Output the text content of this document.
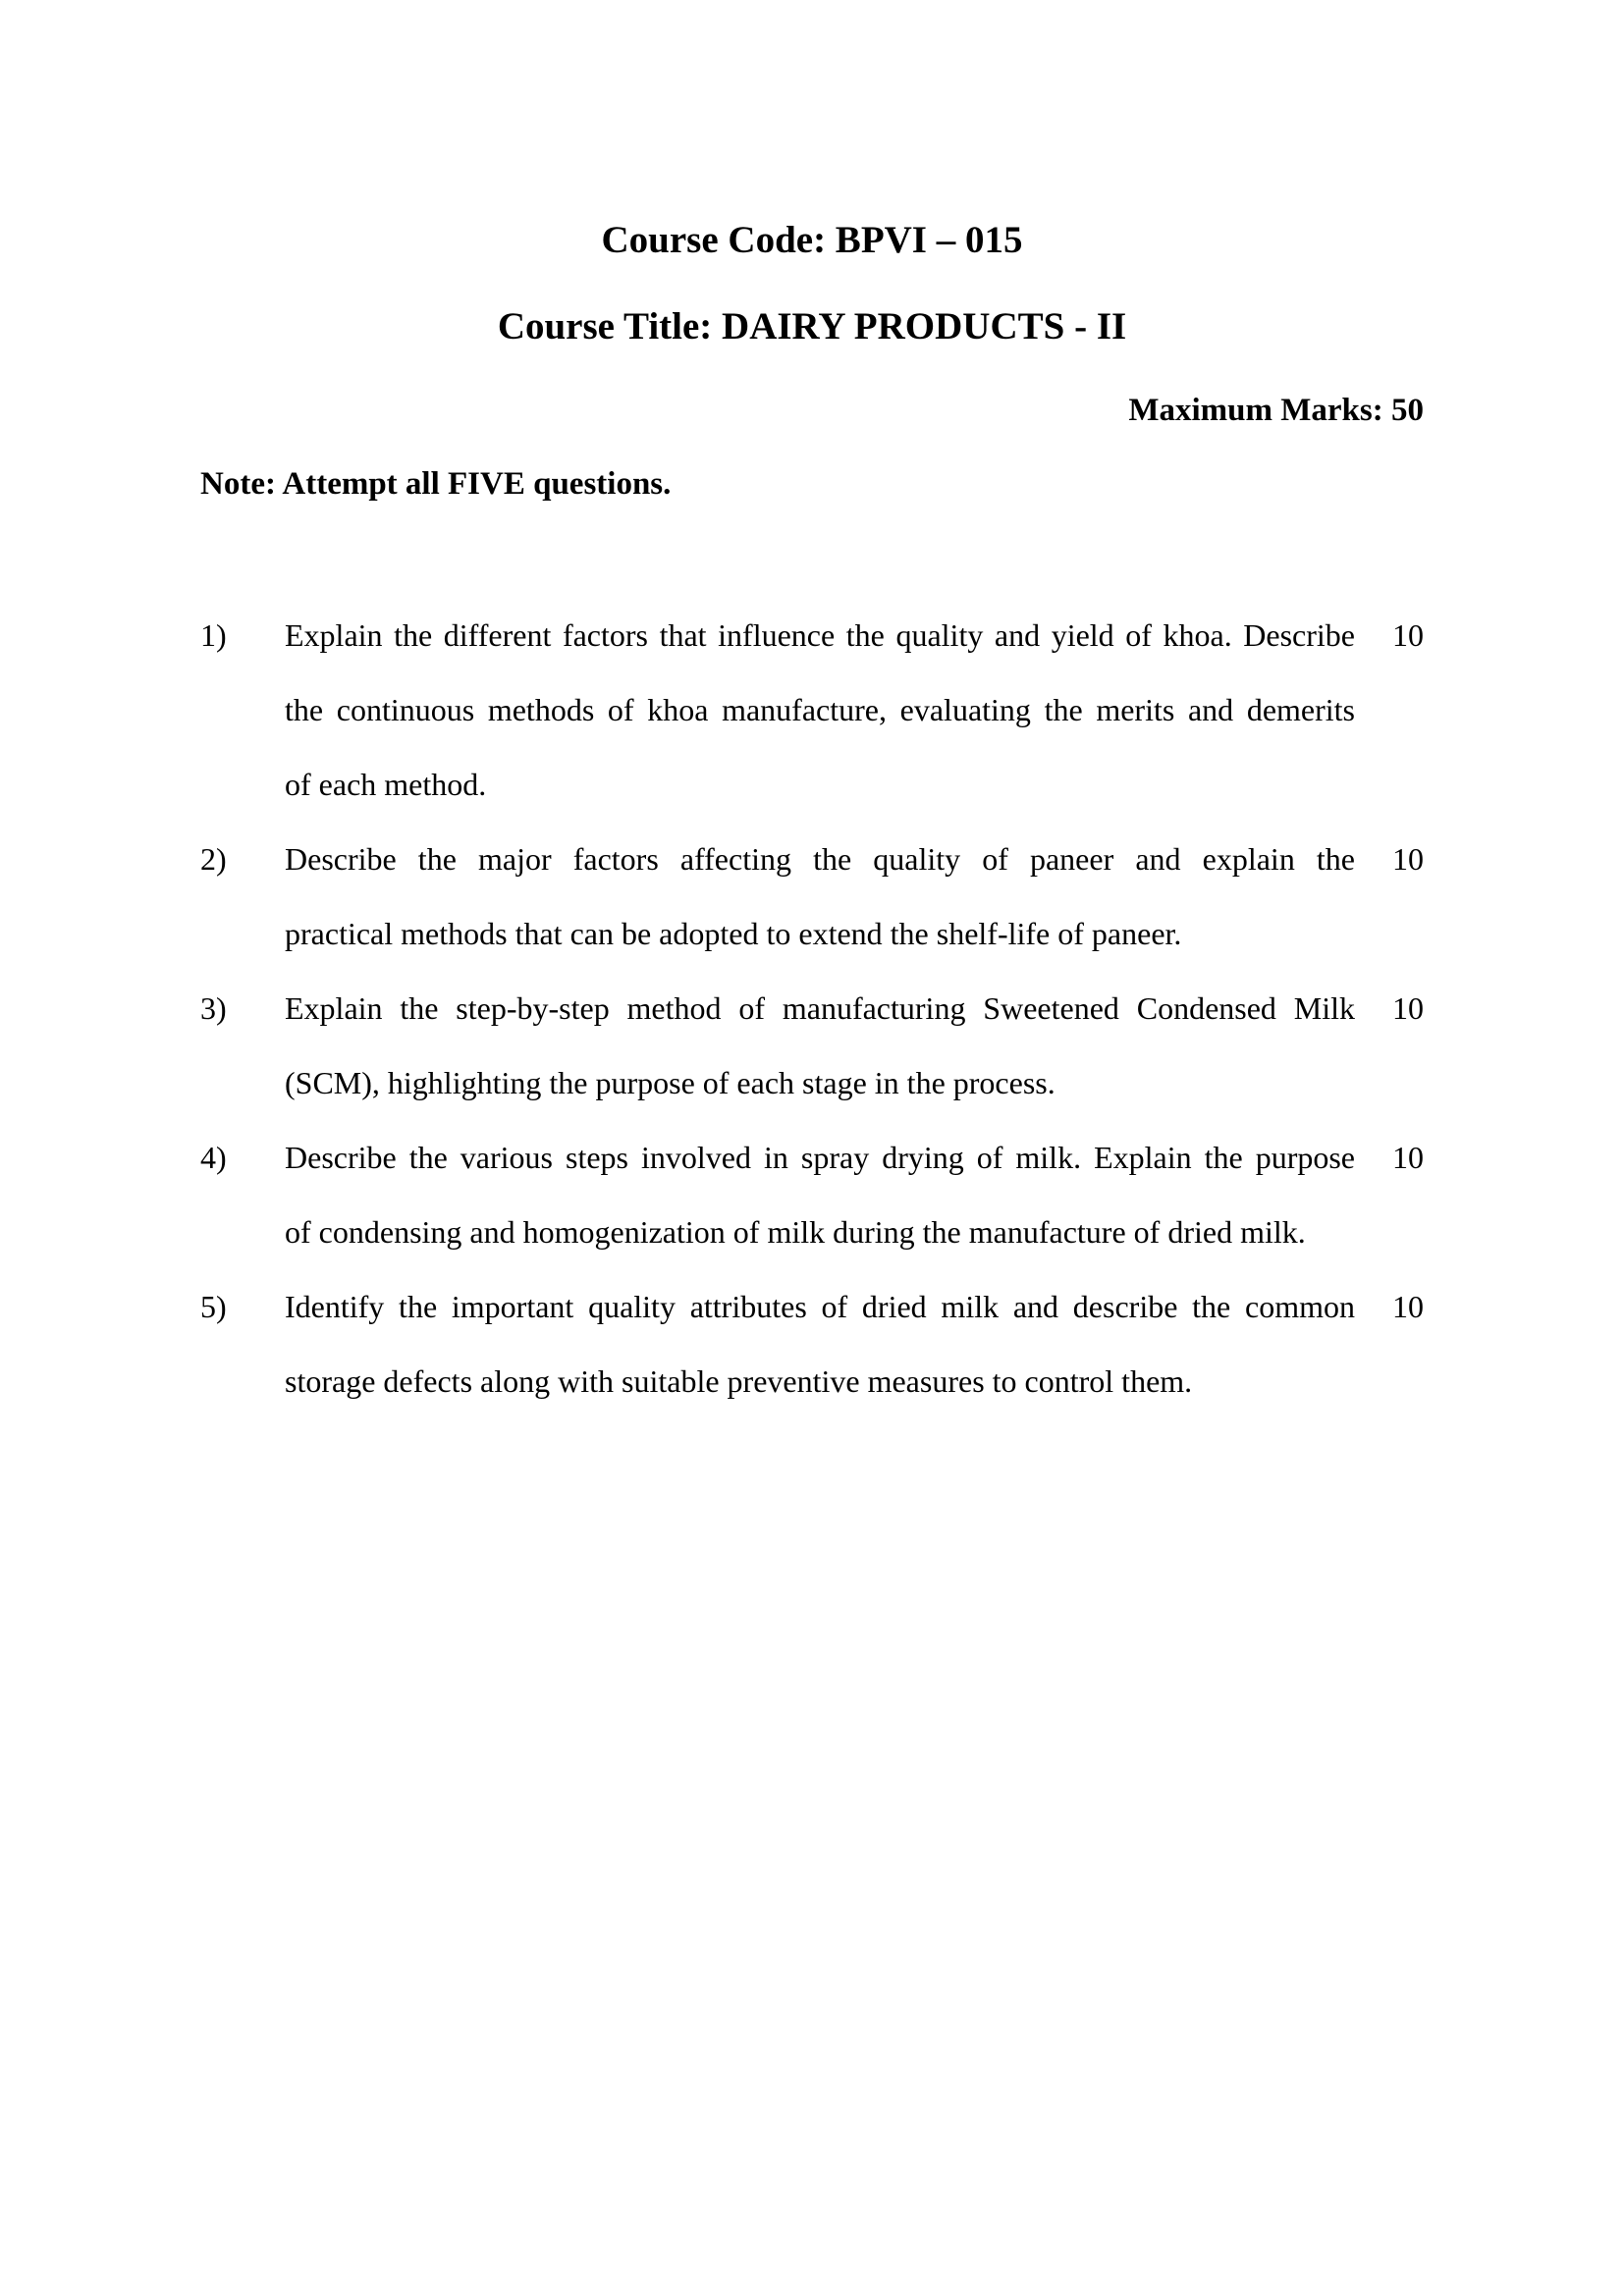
Course Code: BPVI – 015
Course Title: DAIRY PRODUCTS - II
Maximum Marks: 50
Note: Attempt all FIVE questions.
1)	Explain the different factors that influence the quality and yield of khoa. Describe
the continuous methods of khoa manufacture, evaluating the merits and demerits
of each method.
10
2)	Describe the major factors affecting the quality of paneer and explain the
practical methods that can be adopted to extend the shelf-life of paneer.
10
3)	Explain the step-by-step method of manufacturing Sweetened Condensed Milk
(SCM), highlighting the purpose of each stage in the process.
10
4)	Describe the various steps involved in spray drying of milk. Explain the purpose
of condensing and homogenization of milk during the manufacture of dried milk.
10
5)	Identify the important quality attributes of dried milk and describe the common
storage defects along with suitable preventive measures to control them.
10
